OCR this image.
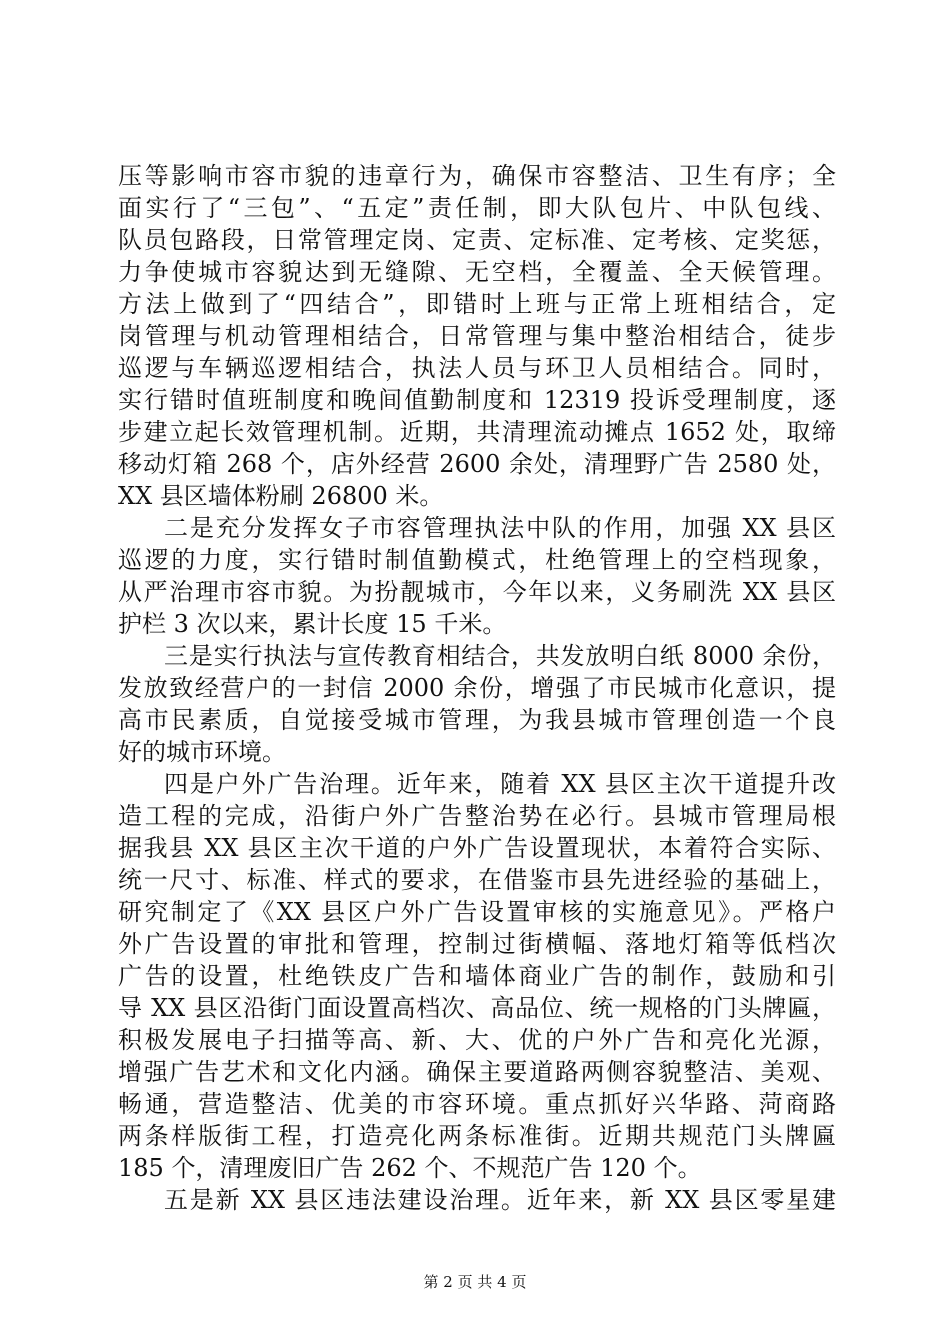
压等影响市容市貌的违章行为，确保市容整洁、卫生有序；全
面实行了“三包”、“五定”责任制，即大队包片、中队包线、
队员包路段，日常管理定岗、定责、定标准、定考核、定奖惩，
力争使城市容貌达到无缝隙、无空档，全覆盖、全天候管理。
方法上做到了“四结合”，即错时上班与正常上班相结合，定
岗管理与机动管理相结合，日常管理与集中整治相结合，徒步
巡逻与车辆巡逻相结合，执法人员与环卫人员相结合。同时，
实行错时值班制度和晚间值勤制度和 12319 投诉受理制度，逐
步建立起长效管理机制。近期，共清理流动摊点 1652 处，取缔
移动灯箱 268 个，店外经营 2600 余处，清理野广告 2580 处，
XX 县区墙体粉刷 26800 米。
二是充分发挥女子市容管理执法中队的作用，加强 XX 县区
巡逻的力度，实行错时制值勤模式，杜绝管理上的空档现象，
从严治理市容市貌。为扮靓城市，今年以来，义务刷洗 XX 县区
护栏 3 次以来，累计长度 15 千米。
三是实行执法与宣传教育相结合，共发放明白纸 8000 余份，
发放致经营户的一封信 2000 余份，增强了市民城市化意识，提
高市民素质，自觉接受城市管理，为我县城市管理创造一个良
好的城市环境。
四是户外广告治理。近年来，随着 XX 县区主次干道提升改
造工程的完成，沿街户外广告整治势在必行。县城市管理局根
据我县 XX 县区主次干道的户外广告设置现状，本着符合实际、
统一尺寸、标准、样式的要求，在借鉴市县先进经验的基础上，
研究制定了《XX 县区户外广告设置审核的实施意见》。严格户
外广告设置的审批和管理，控制过街横幅、落地灯箱等低档次
广告的设置，杜绝铁皮广告和墙体商业广告的制作，鼓励和引
导 XX 县区沿街门面设置高档次、高品位、统一规格的门头牌匾，
积极发展电子扫描等高、新、大、优的户外广告和亮化光源，
增强广告艺术和文化内涵。确保主要道路两侧容貌整洁、美观、
畅通，营造整洁、优美的市容环境。重点抓好兴华路、菏商路
两条样版街工程，打造亮化两条标准街。近期共规范门头牌匾
185 个，清理废旧广告 262 个、不规范广告 120 个。
五是新 XX 县区违法建设治理。近年来，新 XX 县区零星建
第 2 页 共 4 页
